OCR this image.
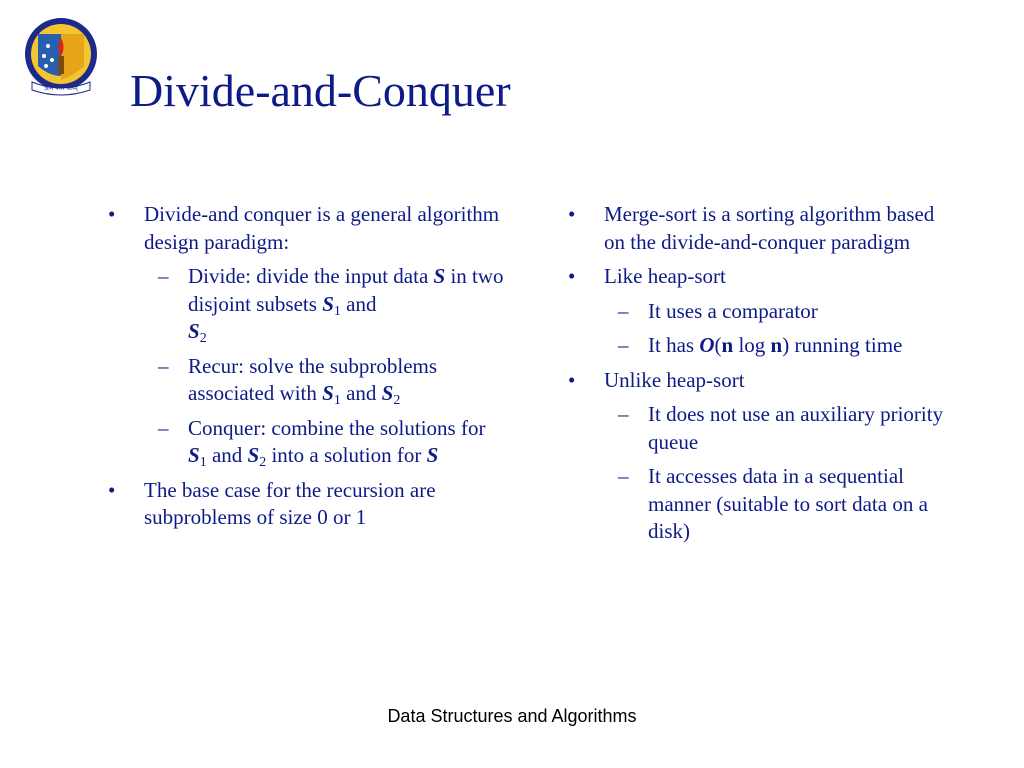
ज्ञानं परमं बलम् Divide-and-Conquer
• Divide-and conquer is a general algorithm design paradigm:
– Divide: divide the input data S in two disjoint subsets $S_1$ and
$S_2$
– Recur: solve the subproblems associated with $S_1$ and $S_2$
– Conquer: combine the solutions for $S_1$ and $S_2$ into a solution for S
• The base case for the recursion are subproblems of size 0 or 1
• Merge-sort is a sorting algorithm based on the divide-and-conquer paradigm
• Like heap-sort
– It uses a comparator
– It has O(n log n) running time
• Unlike heap-sort
– It does not use an auxiliary priority queue
– It accesses data in a sequential manner (suitable to sort data on a disk)
Data Structures and Algorithms
